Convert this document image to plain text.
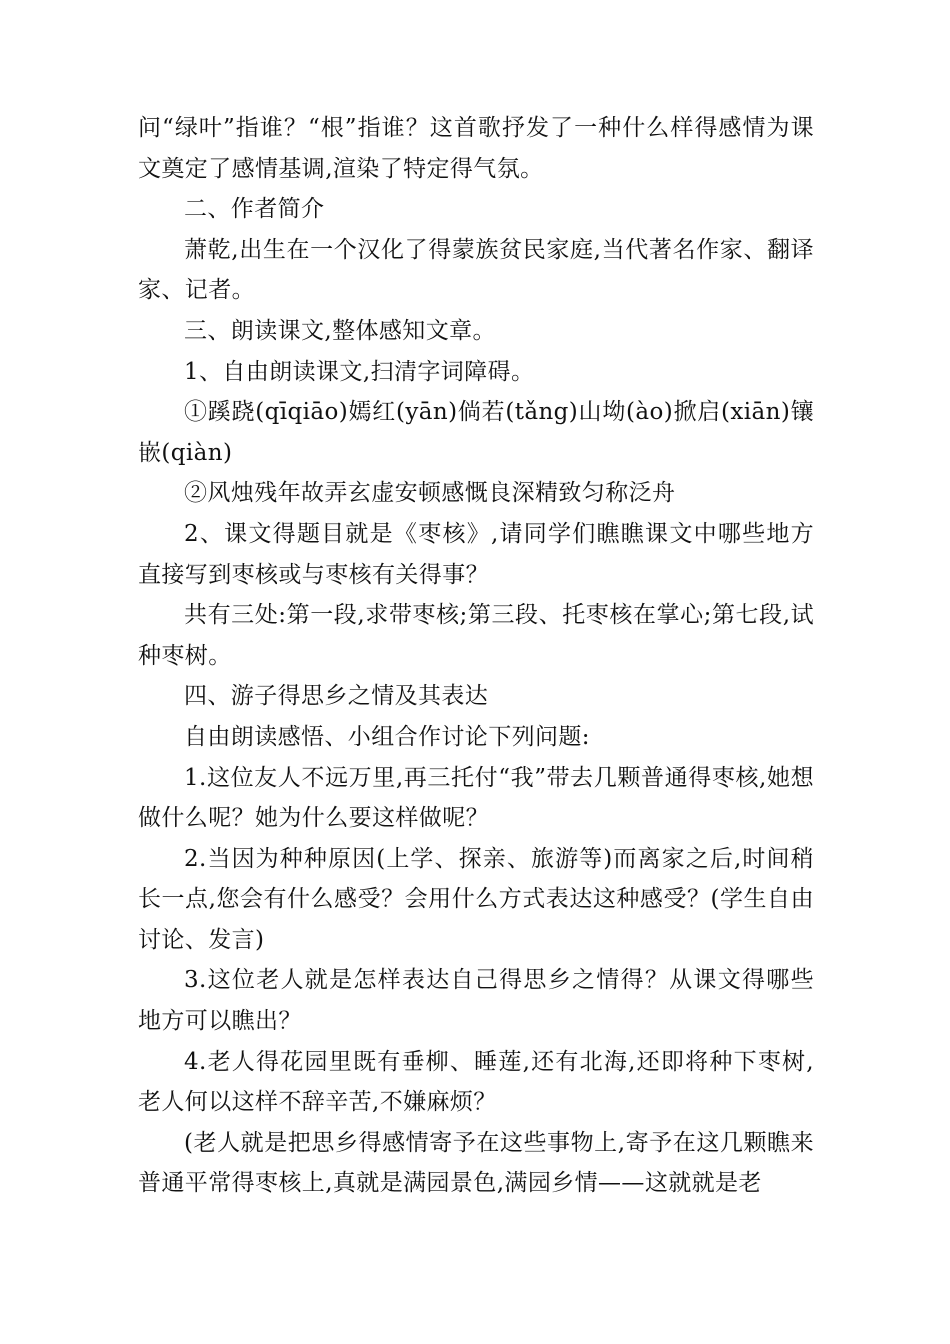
问“绿叶”指谁？“根”指谁？这首歌抒发了一种什么样得感情为课文奠定了感情基调,渲染了特定得气氛。

二、作者简介

萧乾,出生在一个汉化了得蒙族贫民家庭,当代著名作家、翻译家、记者。

三、朗读课文,整体感知文章。

1、自由朗读课文,扫清字词障碍。

①蹊跷(qīqiāo)嫣红(yān)倘若(tǎng)山坳(ào)掀启(xiān)镶嵌(qiàn)

②风烛残年故弄玄虚安顿感慨良深精致匀称泛舟

2、课文得题目就是《枣核》,请同学们瞧瞧课文中哪些地方直接写到枣核或与枣核有关得事？

共有三处:第一段,求带枣核;第三段、托枣核在掌心;第七段,试种枣树。

四、游子得思乡之情及其表达

自由朗读感悟、小组合作讨论下列问题:

1.这位友人不远万里,再三托付“我”带去几颗普通得枣核,她想做什么呢？她为什么要这样做呢？

2.当因为种种原因(上学、探亲、旅游等)而离家之后,时间稍长一点,您会有什么感受？会用什么方式表达这种感受？(学生自由讨论、发言)

3.这位老人就是怎样表达自己得思乡之情得？从课文得哪些地方可以瞧出？

4.老人得花园里既有垂柳、睡莲,还有北海,还即将种下枣树,老人何以这样不辞辛苦,不嫌麻烦？

(老人就是把思乡得感情寄予在这些事物上,寄予在这几颗瞧来普通平常得枣核上,真就是满园景色,满园乡情——这就就是老
